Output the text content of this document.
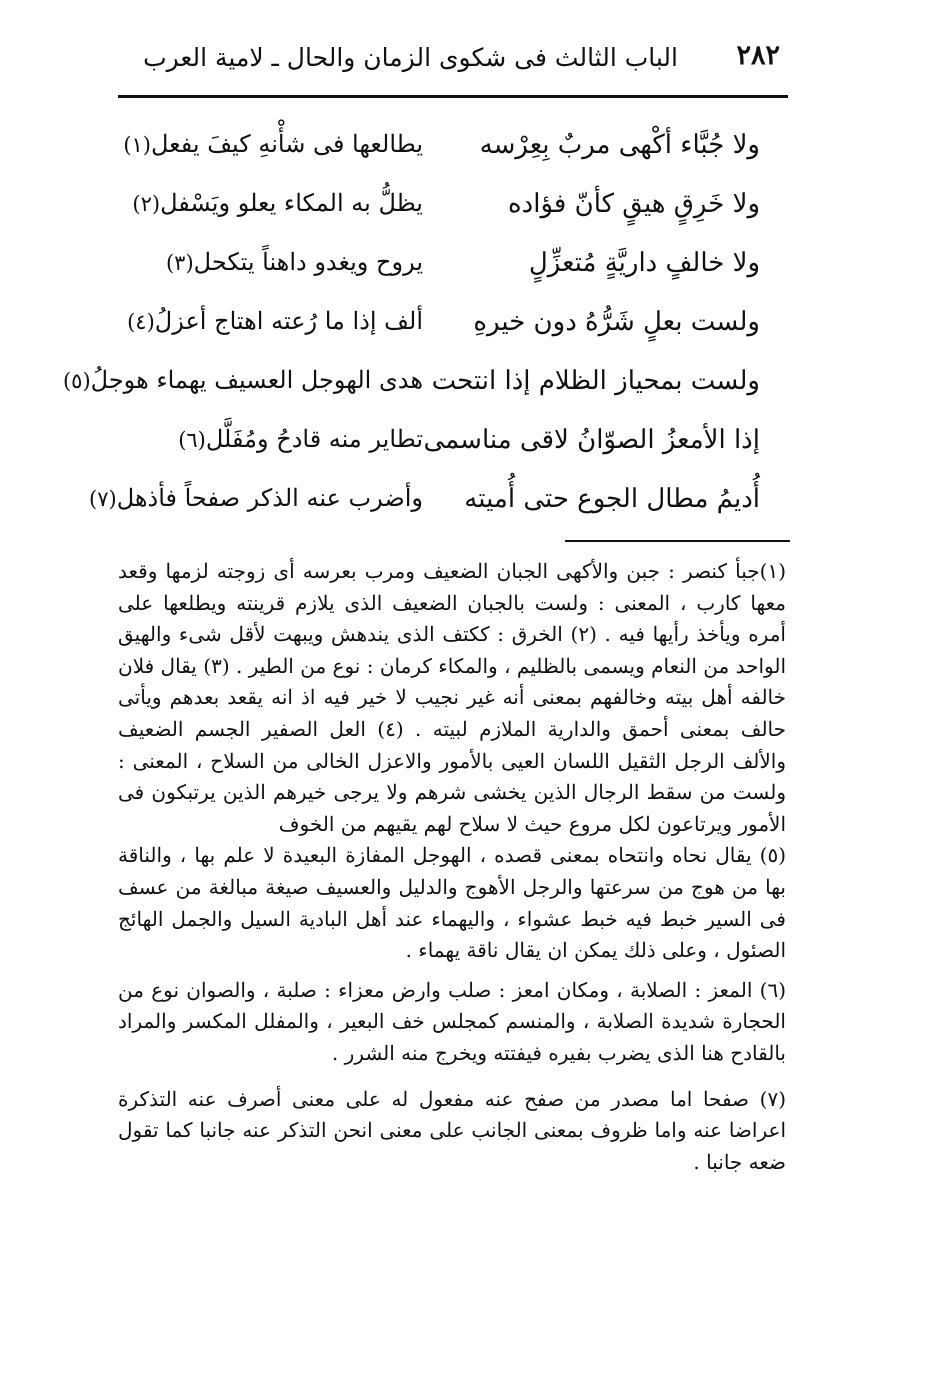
٢٨٢
الباب الثالث فى شكوى الزمان والحال ـ لامية العرب
ولا جُبَّاء أكْهى مربٌ بِعِرْسه
يطالعها فى شأْنهِ كيفَ يفعل(١)
ولا خَرِقٍ هيقٍ كأنّ فؤاده
يظلُّ به المكاء يعلو ويَسْفل(٢)
ولا خالفٍ داريَّةٍ مُتعزِّلٍ
يروح ويغدو داهناً يتكحل(٣)
ولست بعلٍ شَرُّهُ دون خيرهِ
ألف إذا ما رُعته اهتاج أعزلُ(٤)
ولست بمحياز الظلام إذا انتحت
هدى الهوجل العسيف يهماء هوجلُ(٥)
إذا الأمعزُ الصوّانُ لاقى مناسمى
تطاير منه قادحُ ومُفَلَّل(٦)
أُديمُ مطال الجوع حتى أُميته
وأضرب عنه الذكر صفحاً فأذهل(٧)

(١)جبأ كنصر : جبن والأكهى الجبان الضعيف ومرب بعرسه أى زوجته لزمها وقعد معها كارب ، المعنى : ولست بالجبان الضعيف الذى يلازم قرينته ويطلعها على أمره ويأخذ رأيها فيه . (٢) الخرق : ككتف الذى يندهش ويبهت لأقل شىء والهيق الواحد من النعام ويسمى بالظليم ، والمكاء كرمان : نوع من الطير . (٣) يقال فلان خالفه أهل بيته وخالفهم بمعنى أنه غير نجيب لا خير فيه اذ انه يقعد بعدهم ويأتى حالف بمعنى أحمق والدارية الملازم لبيته . (٤) العل الصفير الجسم الضعيف والألف الرجل الثقيل اللسان العيى بالأمور والاعزل الخالى من السلاح ، المعنى : ولست من سقط الرجال الذين يخشى شرهم ولا يرجى خيرهم الذين يرتبكون فى الأمور ويرتاعون لكل مروع حيث لا سلاح لهم يقيهم من الخوف

(٥) يقال نحاه وانتحاه بمعنى قصده ، الهوجل المفازة البعيدة لا علم بها ، والناقة بها من هوج من سرعتها والرجل الأهوج والدليل والعسيف صيغة مبالغة من عسف فى السير خبط فيه خبط عشواء ، واليهماء عند أهل البادية السيل والجمل الهائج الصئول ، وعلى ذلك يمكن ان يقال ناقة يهماء .

(٦) المعز : الصلابة ، ومكان امعز : صلب وارض معزاء : صلبة ، والصوان نوع من الحجارة شديدة الصلابة ، والمنسم كمجلس خف البعير ، والمفلل المكسر والمراد بالقادح هنا الذى يضرب بفيره فيفتته ويخرج منه الشرر .

(٧) صفحا اما مصدر من صفح عنه مفعول له على معنى أصرف عنه التذكرة اعراضا عنه واما ظروف بمعنى الجانب على معنى انحن التذكر عنه جانبا كما تقول ضعه جانبا .
